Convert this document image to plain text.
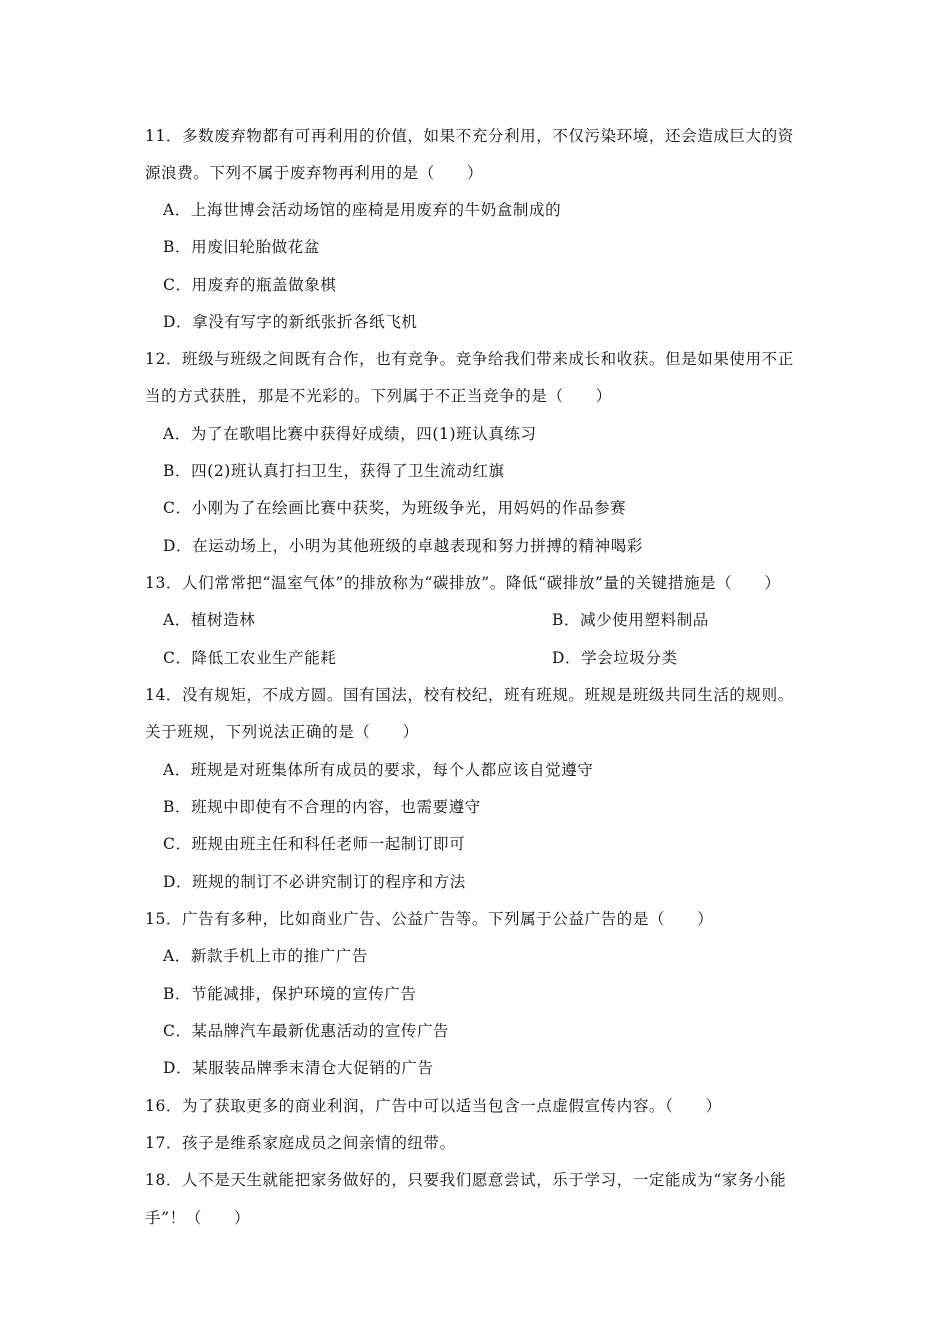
11．多数废弃物都有可再利用的价值，如果不充分利用，不仅污染环境，还会造成巨大的资
源浪费。下列不属于废弃物再利用的是（　　）
A．上海世博会活动场馆的座椅是用废弃的牛奶盒制成的
B．用废旧轮胎做花盆
C．用废弃的瓶盖做象棋
D．拿没有写字的新纸张折各纸飞机
12．班级与班级之间既有合作，也有竞争。竞争给我们带来成长和收获。但是如果使用不正
当的方式获胜，那是不光彩的。下列属于不正当竞争的是（　　）
A．为了在歌唱比赛中获得好成绩，四(1)班认真练习
B．四(2)班认真打扫卫生，获得了卫生流动红旗
C．小刚为了在绘画比赛中获奖，为班级争光，用妈妈的作品参赛
D．在运动场上，小明为其他班级的卓越表现和努力拼搏的精神喝彩
13．人们常常把“温室气体”的排放称为“碳排放”。降低“碳排放”量的关键措施是（　　）
A．植树造林	B．减少使用塑料制品
C．降低工农业生产能耗	D．学会垃圾分类
14．没有规矩，不成方圆。国有国法，校有校纪，班有班规。班规是班级共同生活的规则。
关于班规，下列说法正确的是（　　）
A．班规是对班集体所有成员的要求，每个人都应该自觉遵守
B．班规中即使有不合理的内容，也需要遵守
C．班规由班主任和科任老师一起制订即可
D．班规的制订不必讲究制订的程序和方法
15．广告有多种，比如商业广告、公益广告等。下列属于公益广告的是（　　）
A．新款手机上市的推广广告
B．节能减排，保护环境的宣传广告
C．某品牌汽车最新优惠活动的宣传广告
D．某服装品牌季末清仓大促销的广告
16．为了获取更多的商业利润，广告中可以适当包含一点虚假宣传内容。（　　）
17．孩子是维系家庭成员之间亲情的纽带。
18．人不是天生就能把家务做好的，只要我们愿意尝试，乐于学习，一定能成为“家务小能
手”！（　　）
